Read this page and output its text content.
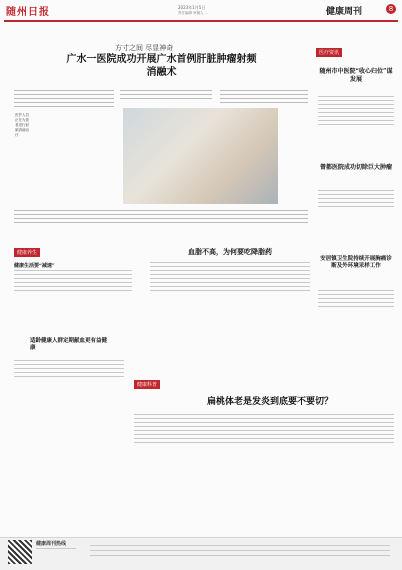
随州日报	2023年1月5日
责任编辑 审稿人 ...	健康周刊	8
方寸之间 尽显神奇
广水一医院成功开展广水首例肝脏肿瘤射频消融术
医护人员正在为患者进行射频消融治疗
医疗资讯
随州市中医院“收心归位”谋发展
曾都医院成功切除巨大肿瘤
安居镇卫生院持续开展胸痛诊断及外环境采样工作
健康养生
健康生活要“减速”
血脂不高，为何要吃降脂药
适龄健康人群定期献血更有益健康
健康科普
扁桃体老是发炎到底要不要切？
健康周刊热线
